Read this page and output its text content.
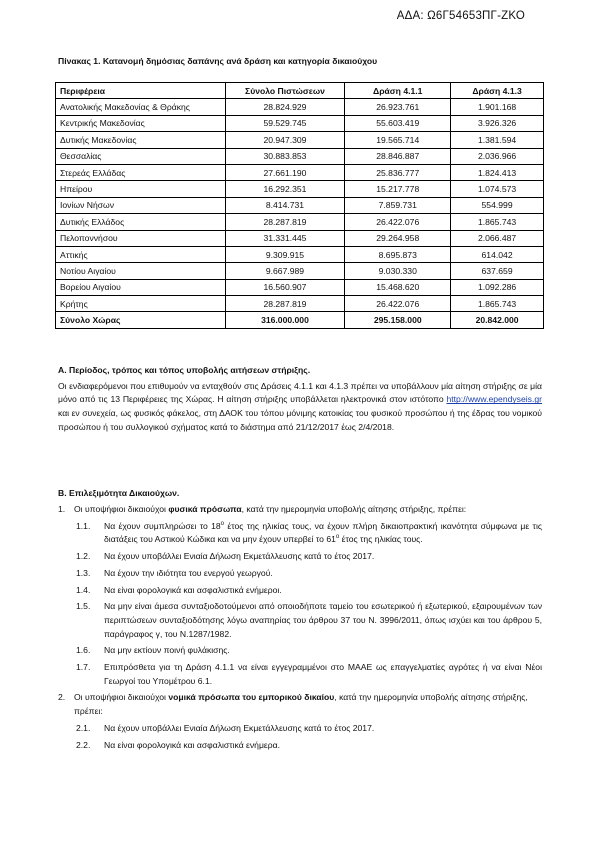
ΑΔΑ: Ω6Γ54653ΠΓ-ΖΚΟ
Πίνακας 1. Κατανομή δημόσιας δαπάνης ανά δράση και κατηγορία δικαιούχου
Περιφέρεια	Σύνολο Πιστώσεων	Δράση 4.1.1	Δράση 4.1.3
Ανατολικής Μακεδονίας & Θράκης	28.824.929	26.923.761	1.901.168
Κεντρικής Μακεδονίας	59.529.745	55.603.419	3.926.326
Δυτικής Μακεδονίας	20.947.309	19.565.714	1.381.594
Θεσσαλίας	30.883.853	28.846.887	2.036.966
Στερεάς Ελλάδας	27.661.190	25.836.777	1.824.413
Ηπείρου	16.292.351	15.217.778	1.074.573
Ιονίων Νήσων	8.414.731	7.859.731	554.999
Δυτικής Ελλάδος	28.287.819	26.422.076	1.865.743
Πελοποννήσου	31.331.445	29.264.958	2.066.487
Αττικής	9.309.915	8.695.873	614.042
Νοτίου Αιγαίου	9.667.989	9.030.330	637.659
Βορείου Αιγαίου	16.560.907	15.468.620	1.092.286
Κρήτης	28.287.819	26.422.076	1.865.743
Σύνολο Χώρας	316.000.000	295.158.000	20.842.000
Α. Περίοδος, τρόπος και τόπος υποβολής αιτήσεων στήριξης.

Οι ενδιαφερόμενοι που επιθυμούν να ενταχθούν στις Δράσεις 4.1.1 και 4.1.3 πρέπει να υποβάλλουν μία αίτηση στήριξης σε μία μόνο από τις 13 Περιφέρειες της Χώρας. Η αίτηση στήριξης υποβάλλεται ηλεκτρονικά στον ιστότοπο http://www.ependyseis.gr και εν συνεχεία, ως φυσικός φάκελος, στη ΔΑΟΚ του τόπου μόνιμης κατοικίας του φυσικού προσώπου ή της έδρας του νομικού προσώπου ή του συλλογικού σχήματος κατά το διάστημα από 21/12/2017 έως 2/4/2018.

Β. Επιλεξιμότητα Δικαιούχων.
1. Οι υποψήφιοι δικαιούχοι φυσικά πρόσωπα, κατά την ημερομηνία υποβολής αίτησης στήριξης, πρέπει:
1.1. Να έχουν συμπληρώσει το $18^o$ έτος της ηλικίας τους, να έχουν πλήρη δικαιοπρακτική ικανότητα σύμφωνα με τις διατάξεις του Αστικού Κώδικα και να μην έχουν υπερβεί το $61^o$ έτος της ηλικίας τους.
1.2. Να έχουν υποβάλλει Ενιαία Δήλωση Εκμετάλλευσης κατά το έτος 2017.
1.3. Να έχουν την ιδιότητα του ενεργού γεωργού.
1.4. Να είναι φορολογικά και ασφαλιστικά ενήμεροι.
1.5. Να μην είναι άμεσα συνταξιοδοτούμενοι από οποιοδήποτε ταμείο του εσωτερικού ή εξωτερικού, εξαιρουμένων των περιπτώσεων συνταξιοδότησης λόγω αναπηρίας του άρθρου 37 του Ν. 3996/2011, όπως ισχύει και του άρθρου 5, παράγραφος γ, του Ν.1287/1982.
1.6. Να μην εκτίουν ποινή φυλάκισης.
1.7. Επιπρόσθετα για τη Δράση 4.1.1 να είναι εγγεγραμμένοι στο ΜΑΑΕ ως επαγγελματίες αγρότες ή να είναι Νέοι Γεωργοί του Υπομέτρου 6.1.
2. Οι υποψήφιοι δικαιούχοι νομικά πρόσωπα του εμπορικού δικαίου, κατά την ημερομηνία υποβολής αίτησης στήριξης, πρέπει:
2.1. Να έχουν υποβάλλει Ενιαία Δήλωση Εκμετάλλευσης κατά το έτος 2017.
2.2. Να είναι φορολογικά και ασφαλιστικά ενήμερα.
